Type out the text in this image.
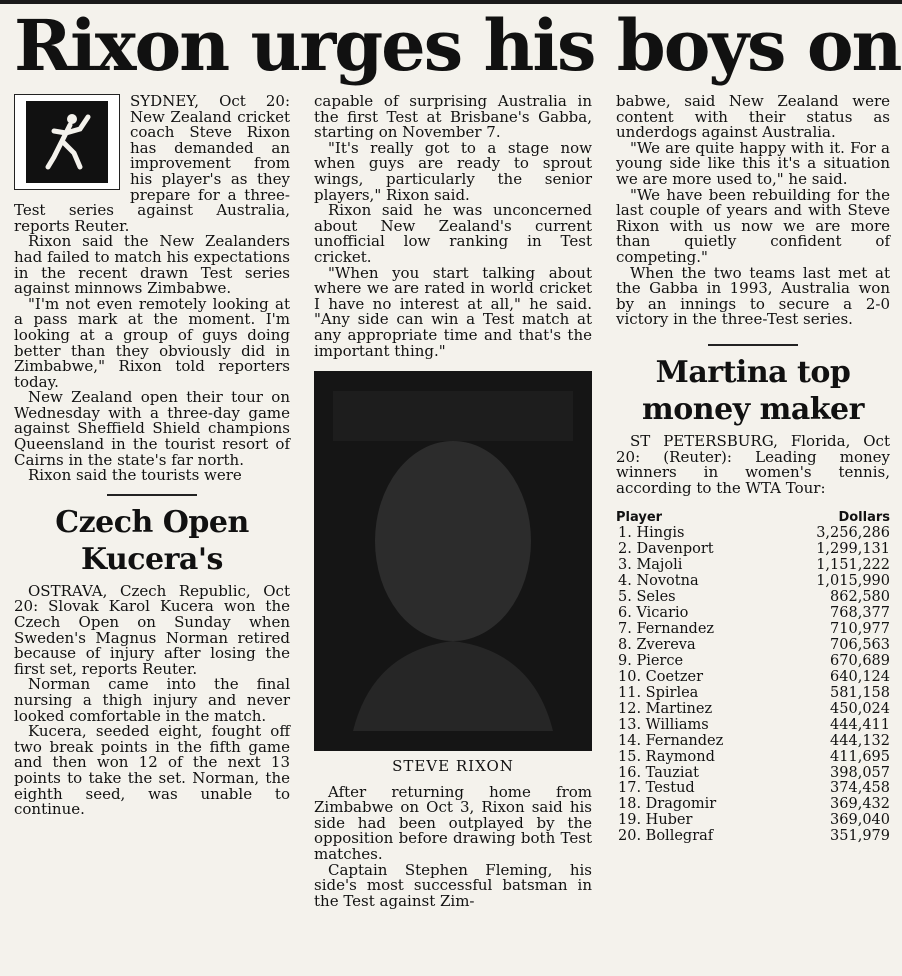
Rixon urges his boys on

SYDNEY, Oct 20: New Zealand cricket coach Steve Rixon has demanded an improvement from his player's as they prepare for a three-Test series against Australia, reports Reuter.

Rixon said the New Zealanders had failed to match his expectations in the recent drawn Test series against minnows Zimbabwe.

"I'm not even remotely looking at a pass mark at the moment. I'm looking at a group of guys doing better than they obviously did in Zimbabwe," Rixon told reporters today.

New Zealand open their tour on Wednesday with a three-day game against Sheffield Shield champions Queensland in the tourist resort of Cairns in the state's far north.

Rixon said the tourists were

Czech Open
Kucera's

OSTRAVA, Czech Republic, Oct 20: Slovak Karol Kucera won the Czech Open on Sunday when Sweden's Magnus Norman retired because of injury after losing the first set, reports Reuter.

Norman came into the final nursing a thigh injury and never looked comfortable in the match.

Kucera, seeded eight, fought off two break points in the fifth game and then won 12 of the next 13 points to take the set. Norman, the eighth seed, was unable to continue.

capable of surprising Australia in the first Test at Brisbane's Gabba, starting on November 7.

"It's really got to a stage now when guys are ready to sprout wings, particularly the senior players," Rixon said.

Rixon said he was unconcerned about New Zealand's current unofficial low ranking in Test cricket.

"When you start talking about where we are rated in world cricket I have no interest at all," he said. "Any side can win a Test match at any appropriate time and that's the important thing."

STEVE RIXON

After returning home from Zimbabwe on Oct 3, Rixon said his side had been outplayed by the opposition before drawing both Test matches.

Captain Stephen Fleming, his side's most successful batsman in the Test against Zim-

babwe, said New Zealand were content with their status as underdogs against Australia.

"We are quite happy with it. For a young side like this it's a situation we are more used to," he said.

"We have been rebuilding for the last couple of years and with Steve Rixon with us now we are more than quietly confident of competing."

When the two teams last met at the Gabba in 1993, Australia won by an innings to secure a 2-0 victory in the three-Test series.

Martina top
money maker

ST PETERSBURG, Florida, Oct 20: (Reuter): Leading money winners in women's tennis, according to the WTA Tour:

Player	Dollars
1. Hingis	3,256,286
2. Davenport	1,299,131
3. Majoli	1,151,222
4. Novotna	1,015,990
5. Seles	862,580
6. Vicario	768,377
7. Fernandez	710,977
8. Zvereva	706,563
9. Pierce	670,689
10. Coetzer	640,124
11. Spirlea	581,158
12. Martinez	450,024
13. Williams	444,411
14. Fernandez	444,132
15. Raymond	411,695
16. Tauziat	398,057
17. Testud	374,458
18. Dragomir	369,432
19. Huber	369,040
20. Bollegraf	351,979
